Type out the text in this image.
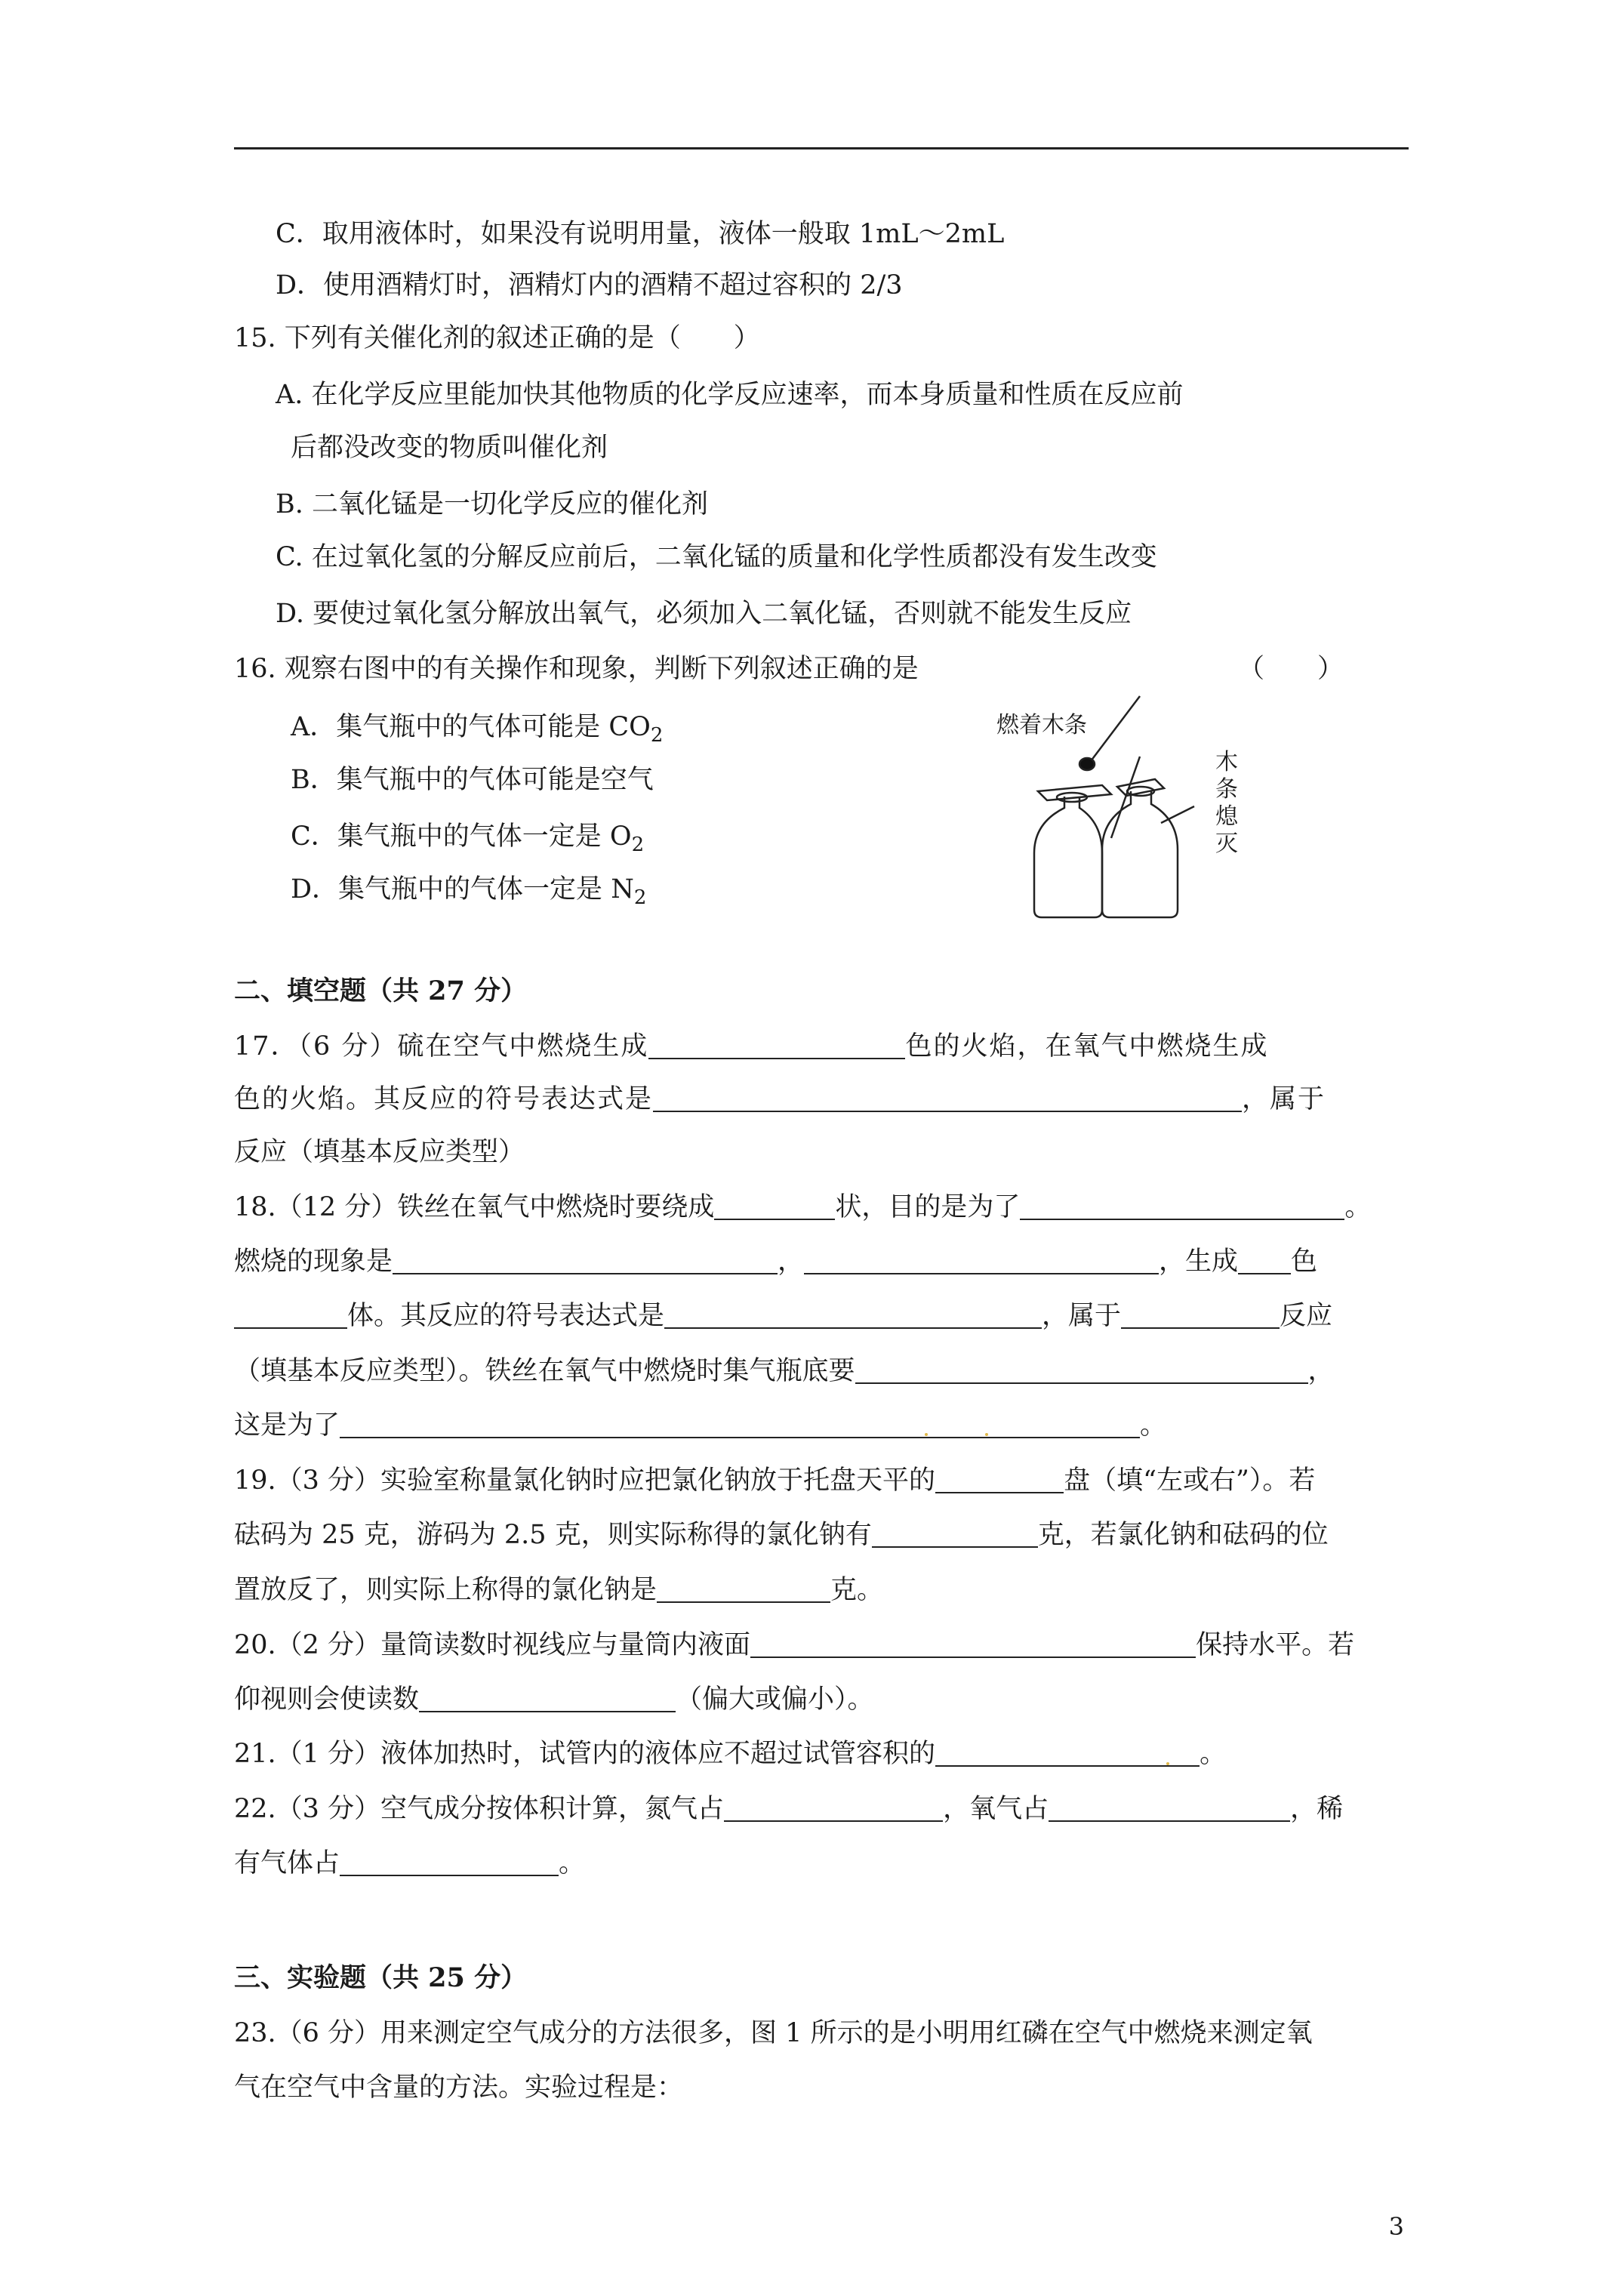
C．取用液体时，如果没有说明用量，液体一般取 1mL～2mL
D．使用酒精灯时，酒精灯内的酒精不超过容积的 2/3
15. 下列有关催化剂的叙述正确的是（　　）
A. 在化学反应里能加快其他物质的化学反应速率，而本身质量和性质在反应前
后都没改变的物质叫催化剂
B. 二氧化锰是一切化学反应的催化剂
C. 在过氧化氢的分解反应前后，二氧化锰的质量和化学性质都没有发生改变
D. 要使过氧化氢分解放出氧气，必须加入二氧化锰，否则就不能发生反应
16. 观察右图中的有关操作和现象，判断下列叙述正确的是	（　　）
A．集气瓶中的气体可能是 $CO_2$
B．集气瓶中的气体可能是空气
C．集气瓶中的气体一定是 $O_2$
D．集气瓶中的气体一定是 $N_2$
燃着木条
木条熄灭
二、填空题（共 27 分）
17．（6 分）硫在空气中燃烧生成	色的火焰，在氧气中燃烧生成
色的火焰。其反应的符号表达式是	，属于
反应（填基本反应类型）
18.（12 分）铁丝在氧气中燃烧时要绕成	状，目的是为了	。
燃烧的现象是	，	，生成 色
体。其反应的符号表达式是	，属于	反应
（填基本反应类型）。铁丝在氧气中燃烧时集气瓶底要	，
这是为了	。
19.（3 分）实验室称量氯化钠时应把氯化钠放于托盘天平的	盘（填“左或右”）。若
砝码为 25 克，游码为 2.5 克，则实际称得的氯化钠有	克，若氯化钠和砝码的位
置放反了，则实际上称得的氯化钠是	克。
20.（2 分）量筒读数时视线应与量筒内液面	保持水平。若
仰视则会使读数	（偏大或偏小）。
21.（1 分）液体加热时，试管内的液体应不超过试管容积的	。
22.（3 分）空气成分按体积计算，氮气占	，氧气占	，稀
有气体占	。
三、实验题（共 25 分）
23.（6 分）用来测定空气成分的方法很多，图 1 所示的是小明用红磷在空气中燃烧来测定氧
气在空气中含量的方法。实验过程是：
3
